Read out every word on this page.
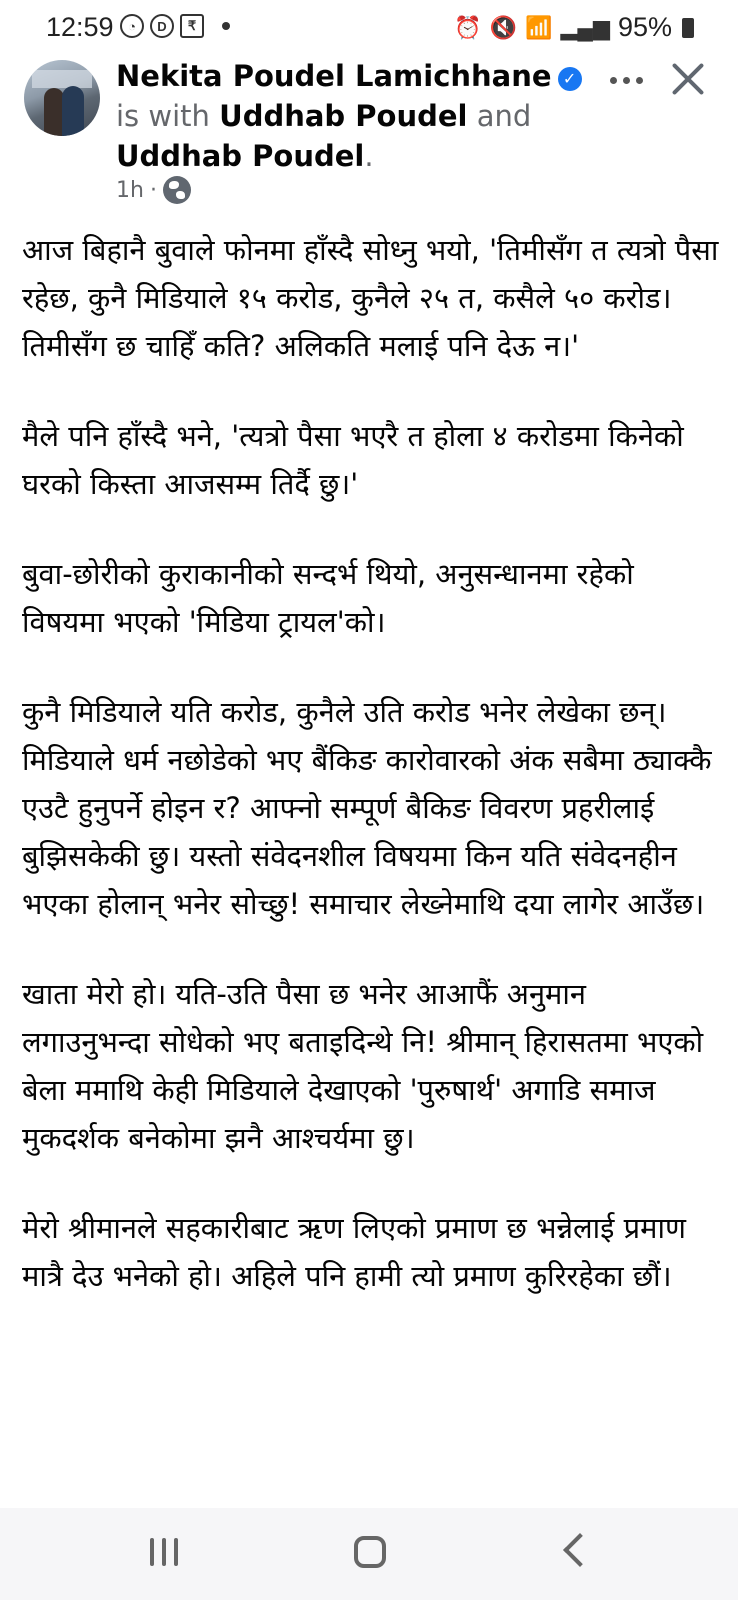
12:59	◔	D	₹	⏰ 🔇 📶 ▂▄▆ 95%
Nekita Poudel Lamichhane ✓
is with Uddhab Poudel and
Uddhab Poudel.
1h ·

आज बिहानै बुवाले फोनमा हाँस्दै सोध्नु भयो, 'तिमीसँग त त्यत्रो पैसा रहेछ, कुनै मिडियाले १५ करोड, कुनैले २५ त, कसैले ५० करोड। तिमीसँग छ चाहिँ कति? अलिकति मलाई पनि देऊ न।'

मैले पनि हाँस्दै भने, 'त्यत्रो पैसा भएरै त होला ४ करोडमा किनेको घरको किस्ता आजसम्म तिर्दै छु।'

बुवा-छोरीको कुराकानीको सन्दर्भ थियो, अनुसन्धानमा रहेको विषयमा भएको 'मिडिया ट्रायल'को।

कुनै मिडियाले यति करोड, कुनैले उति करोड भनेर लेखेका छन्। मिडियाले धर्म नछोडेको भए बैंकिङ कारोवारको अंक सबैमा ठ्याक्कै एउटै हुनुपर्ने होइन र? आफ्नो सम्पूर्ण बैकिङ विवरण प्रहरीलाई बुझिसकेकी छु। यस्तो संवेदनशील विषयमा किन यति संवेदनहीन भएका होलान् भनेर सोच्छु! समाचार लेख्नेमाथि दया लागेर आउँछ।

खाता मेरो हो। यति-उति पैसा छ भनेर आआफैं अनुमान लगाउनुभन्दा सोधेको भए बताइदिन्थे नि! श्रीमान् हिरासतमा भएको बेला ममाथि केही मिडियाले देखाएको 'पुरुषार्थ' अगाडि समाज मुकदर्शक बनेकोमा झनै आश्चर्यमा छु।

मेरो श्रीमानले सहकारीबाट ऋण लिएको प्रमाण छ भन्नेलाई प्रमाण मात्रै देउ भनेको हो। अहिले पनि हामी त्यो प्रमाण कुरिरहेका छौं।
